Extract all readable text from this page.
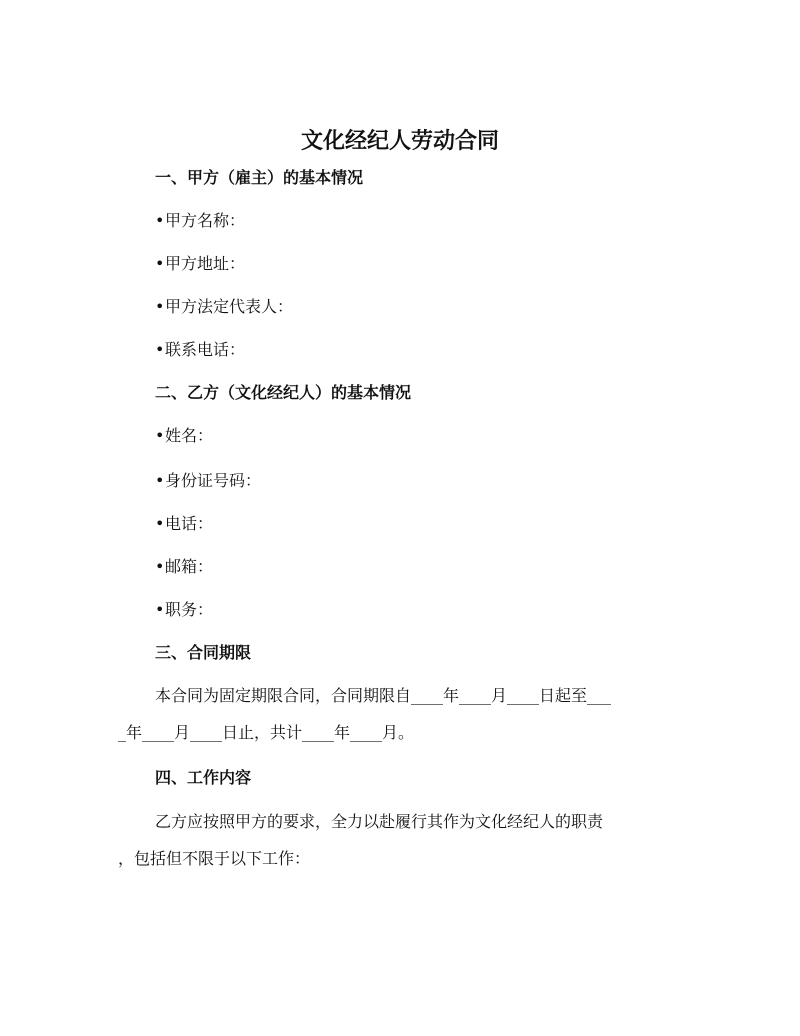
文化经纪人劳动合同
一、甲方（雇主）的基本情况
•甲方名称：
•甲方地址：
•甲方法定代表人：
•联系电话：
二、乙方（文化经纪人）的基本情况
•姓名：
•身份证号码：
•电话：
•邮箱：
•职务：
三、合同期限
本合同为固定期限合同，合同期限自____年____月____日起至___
_年____月____日止，共计____年____月。
四、工作内容
乙方应按照甲方的要求，全力以赴履行其作为文化经纪人的职责
，包括但不限于以下工作：
